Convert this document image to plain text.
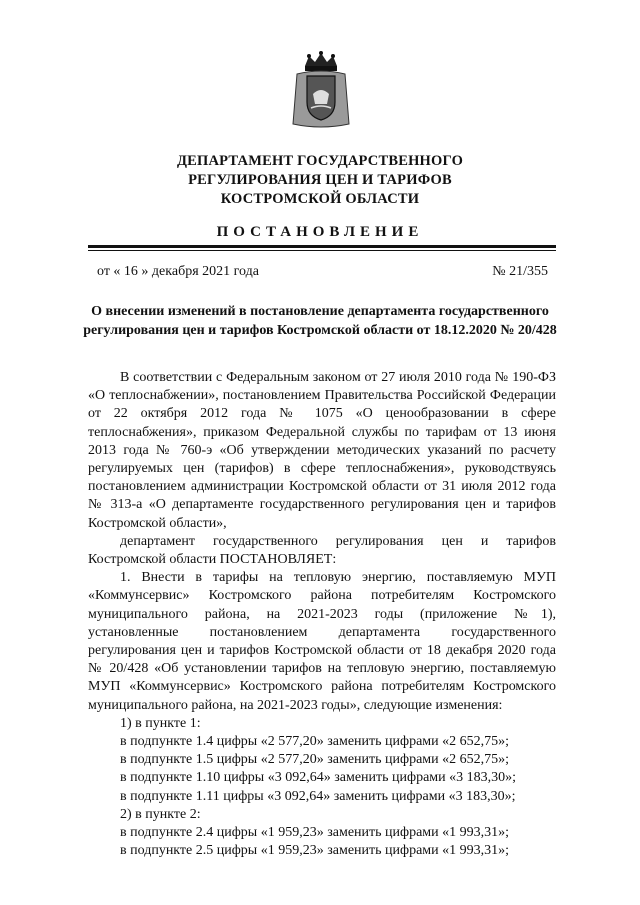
ДЕПАРТАМЕНТ ГОСУДАРСТВЕННОГО
РЕГУЛИРОВАНИЯ ЦЕН И ТАРИФОВ
КОСТРОМСКОЙ ОБЛАСТИ
ПОСТАНОВЛЕНИЕ
от « 16 » декабря 2021 года	№ 21/355
О внесении изменений в постановление департамента государственного регулирования цен и тарифов Костромской области от 18.12.2020 № 20/428

В соответствии с Федеральным законом от 27 июля 2010 года № 190-ФЗ «О теплоснабжении», постановлением Правительства Российской Федерации от 22 октября 2012 года № 1075 «О ценообразовании в сфере теплоснабжения», приказом Федеральной службы по тарифам от 13 июня 2013 года № 760-э «Об утверждении методических указаний по расчету регулируемых цен (тарифов) в сфере теплоснабжения», руководствуясь постановлением администрации Костромской области от 31 июля 2012 года № 313-а «О департаменте государственного регулирования цен и тарифов Костромской области»,

департамент государственного регулирования цен и тарифов Костромской области ПОСТАНОВЛЯЕТ:

1. Внести в тарифы на тепловую энергию, поставляемую МУП «Коммунсервис» Костромского района потребителям Костромского муниципального района, на 2021-2023 годы (приложение №1), установленные постановлением департамента государственного регулирования цен и тарифов Костромской области от 18 декабря 2020 года № 20/428 «Об установлении тарифов на тепловую энергию, поставляемую МУП «Коммунсервис» Костромского района потребителям Костромского муниципального района, на 2021-2023 годы», следующие изменения:

1) в пункте 1:

в подпункте 1.4 цифры «2 577,20» заменить цифрами «2 652,75»;

в подпункте 1.5 цифры «2 577,20» заменить цифрами «2 652,75»;

в подпункте 1.10 цифры «3 092,64» заменить цифрами «3 183,30»;

в подпункте 1.11 цифры «3 092,64» заменить цифрами «3 183,30»;

2) в пункте 2:

в подпункте 2.4 цифры «1 959,23» заменить цифрами «1 993,31»;

в подпункте 2.5 цифры «1 959,23» заменить цифрами «1 993,31»;
